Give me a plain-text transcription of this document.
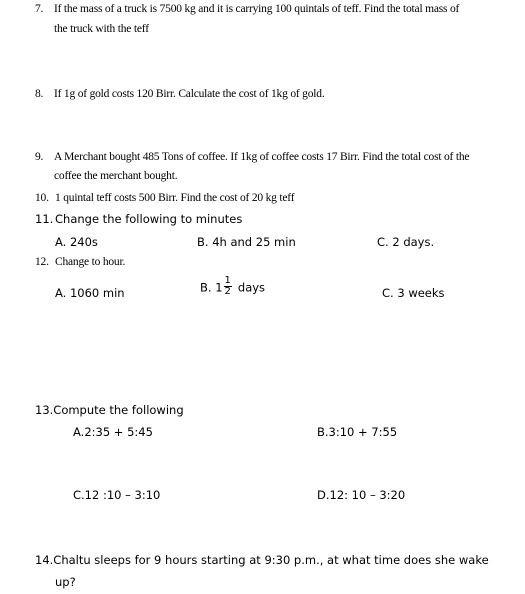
7. If the mass of a truck is 7500 kg and it is carrying 100 quintals of teff. Find the total mass of
the truck with the teff
8. If 1g of gold costs 120 Birr. Calculate the cost of 1kg of gold.
9. A Merchant bought 485 Tons of coffee. If 1kg of coffee costs 17 Birr. Find the total cost of the
coffee the merchant bought.
10. 1 quintal teff costs 500 Birr. Find the cost of 20 kg teff
11. Change the following to minutes
A. 240s	B. 4h and 25 min	C. 2 days.
12. Change to hour.
A. 1060 min	B. $1 \frac{1}{2}$ days	C. 3 weeks
13.Compute the following
A.2:35 + 5:45	B.3:10 + 7:55
C.12 :10 – 3:10	D.12: 10 – 3:20
14.Chaltu sleeps for 9 hours starting at 9:30 p.m., at what time does she wake
up?
